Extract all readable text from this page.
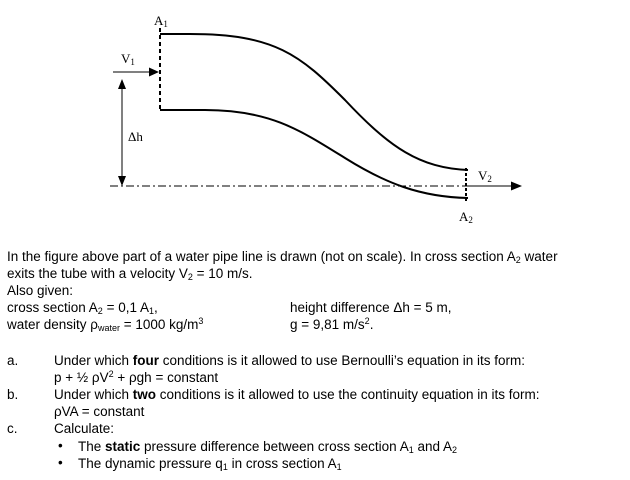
$A_1$
$V_1$
Δh
$V_2$
$A_2$
In the figure above part of a water pipe line is drawn (not on scale). In cross section $A_2$ water
exits the tube with a velocity $V_2 = 10$ m/s.
Also given:
cross section $A_2 = 0,1$ $A_1$,	height difference Δh = 5 m,
water density $\rho_{water} = 1000$ $kg/m^3$	g = 9,81 $m/s^2$.
a.	Under which four conditions is it allowed to use Bernoulli’s equation in its form:
p + ½ $\rho V^2 + \rho gh$ = constant
b.	Under which two conditions is it allowed to use the continuity equation in its form:
ρVA = constant
c.	Calculate:
• The static pressure difference between cross section $A_1$ and $A_2$
• The dynamic pressure $q_1$ in cross section $A_1$
